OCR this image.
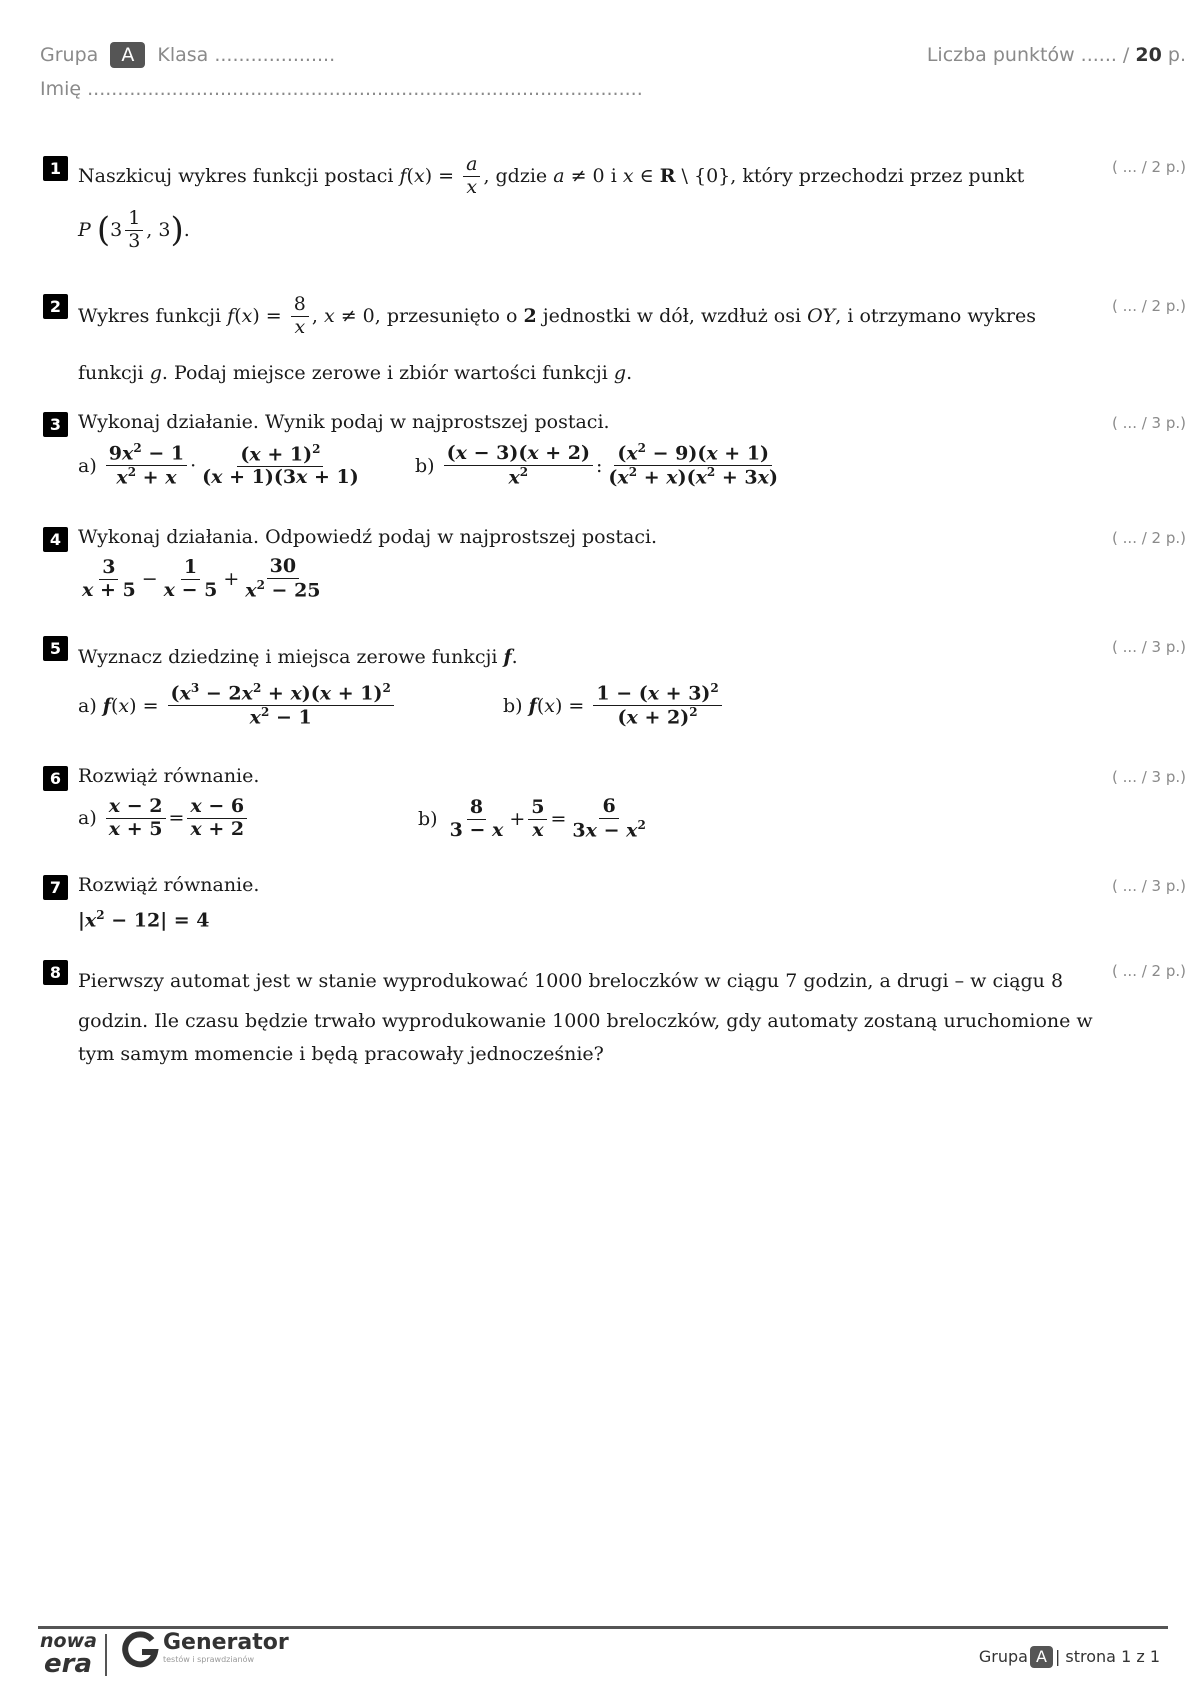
Grupa A Klasa ....................
Imię ............................................................................................
Liczba punktów ...... / 20 p.
1	( ... / 2 p.)
Naszkicuj wykres funkcji postaci
f ( x ) = $\frac{a}{x}$ , gdzie
a ≠ 0 i
x ∈ R \ {0} , który przechodzi przez punkt
P
( $3 \frac{1}{3}$ , 3 ) .
2	( ... / 2 p.)
Wykres funkcji
f ( x ) = $\frac{8}{x}$ , x ≠ 0, przesunięto o
2
jednostki w dół, wzdłuż osi
OY , i otrzymano wykres
funkcji
g . Podaj miejsce zerowe i zbiór wartości funkcji
g .
3	( ... / 3 p.)
Wykonaj działanie. Wynik podaj w najprostszej postaci.
a)
$\frac{9x^2 - 1}{x^2 + x} \cdot \frac{(x + 1)^2}{(x + 1)(3x + 1)}$	b)
$\frac{(x - 3)(x + 2)}{x^2}$ : $\frac{(x^2 - 9)(x + 1)}{(x^2 + x)(x^2 + 3x)}$
4	( ... / 2 p.)
Wykonaj działania. Odpowiedź podaj w najprostszej postaci.
$\frac{3}{x + 5} - \frac{1}{x - 5} + \frac{30}{x^2 - 25}$
5	( ... / 3 p.)
Wyznacz dziedzinę i miejsca zerowe funkcji
f .
a)
f ( x ) = $\frac{(x^3 - 2x^2 + x)(x + 1)^2}{x^2 - 1}$	b)
f ( x ) = $\frac{1 - (x + 3)^2}{(x + 2)^2}$
6	( ... / 3 p.)
Rozwiąż równanie.
a)
$\frac{x - 2}{x + 5} = \frac{x - 6}{x + 2}$	b)
$\frac{8}{3 - x} + \frac{5}{x} = \frac{6}{3x - x^2}$
7	( ... / 3 p.)
Rozwiąż równanie.
$|x^2 - 12| = 4$
8	( ... / 2 p.)
Pierwszy automat jest w stanie wyprodukować 1000 breloczków w ciągu 7 godzin, a drugi – w ciągu 8
godzin. Ile czasu będzie trwało wyprodukowanie 1000 breloczków, gdy automaty zostaną uruchomione w
tym samym momencie i będą pracowały jednocześnie?
nowa
era
Generator
testów i sprawdzianów	Grupa A | strona 1 z 1
